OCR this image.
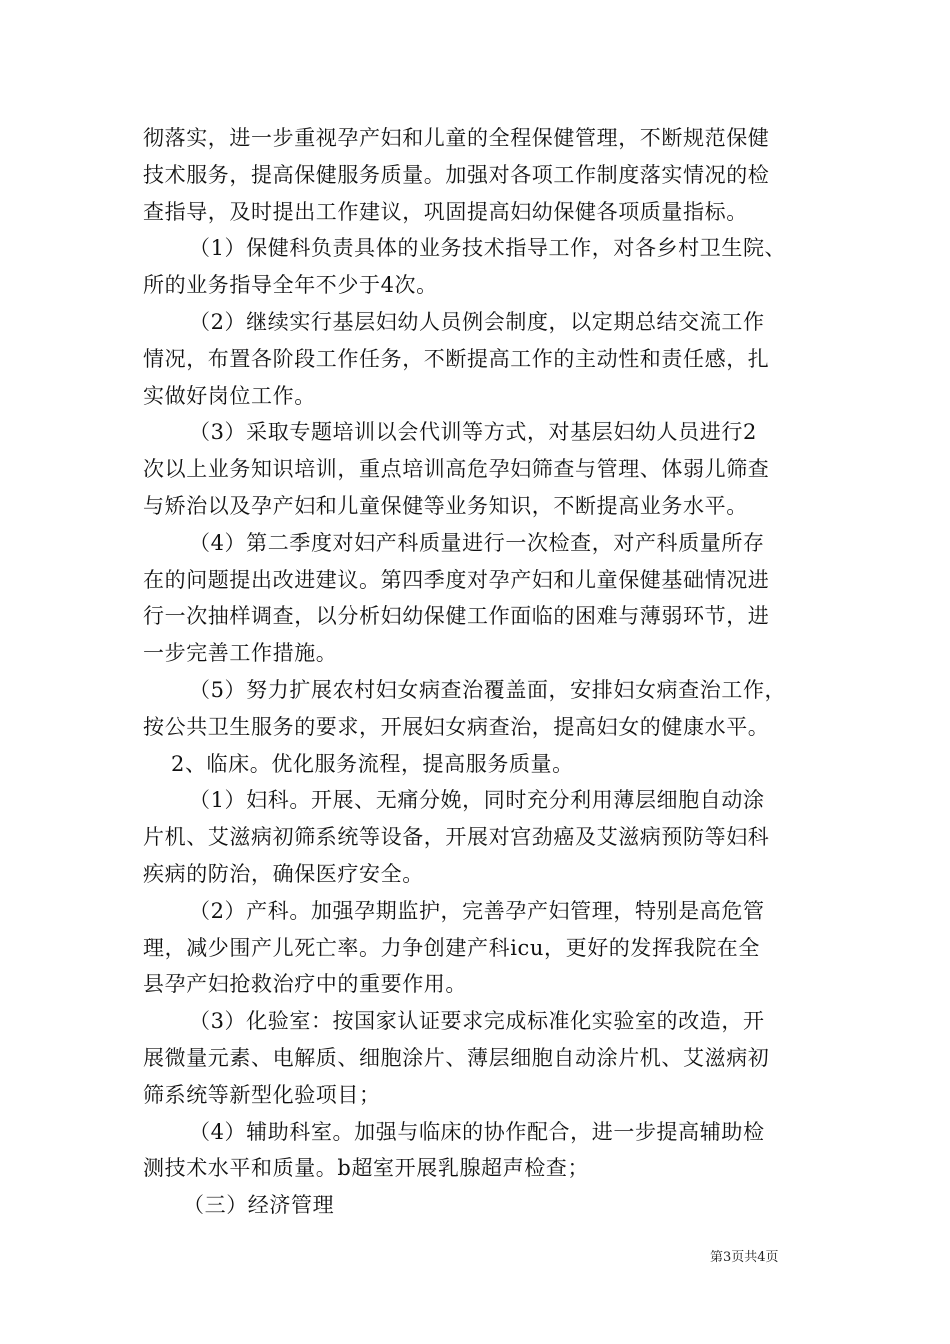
彻落实，进一步重视孕产妇和儿童的全程保健管理，不断规范保健
技术服务，提高保健服务质量。加强对各项工作制度落实情况的检
查指导，及时提出工作建议，巩固提高妇幼保健各项质量指标。
（1）保健科负责具体的业务技术指导工作，对各乡村卫生院、
所的业务指导全年不少于4次。
（2）继续实行基层妇幼人员例会制度，以定期总结交流工作
情况，布置各阶段工作任务，不断提高工作的主动性和责任感，扎
实做好岗位工作。
（3）采取专题培训以会代训等方式，对基层妇幼人员进行2
次以上业务知识培训，重点培训高危孕妇筛查与管理、体弱儿筛查
与矫治以及孕产妇和儿童保健等业务知识，不断提高业务水平。
（4）第二季度对妇产科质量进行一次检查，对产科质量所存
在的问题提出改进建议。第四季度对孕产妇和儿童保健基础情况进
行一次抽样调查，以分析妇幼保健工作面临的困难与薄弱环节，进
一步完善工作措施。
（5）努力扩展农村妇女病查治覆盖面，安排妇女病查治工作，
按公共卫生服务的要求，开展妇女病查治，提高妇女的健康水平。
2、临床。优化服务流程，提高服务质量。
（1）妇科。开展、无痛分娩，同时充分利用薄层细胞自动涂
片机、艾滋病初筛系统等设备，开展对宫劲癌及艾滋病预防等妇科
疾病的防治，确保医疗安全。
（2）产科。加强孕期监护，完善孕产妇管理，特别是高危管
理，减少围产儿死亡率。力争创建产科icu，更好的发挥我院在全
县孕产妇抢救治疗中的重要作用。
（3）化验室：按国家认证要求完成标准化实验室的改造，开
展微量元素、电解质、细胞涂片、薄层细胞自动涂片机、艾滋病初
筛系统等新型化验项目；
（4）辅助科室。加强与临床的协作配合，进一步提高辅助检
测技术水平和质量。b超室开展乳腺超声检查；
（三）经济管理
第3页共4页
